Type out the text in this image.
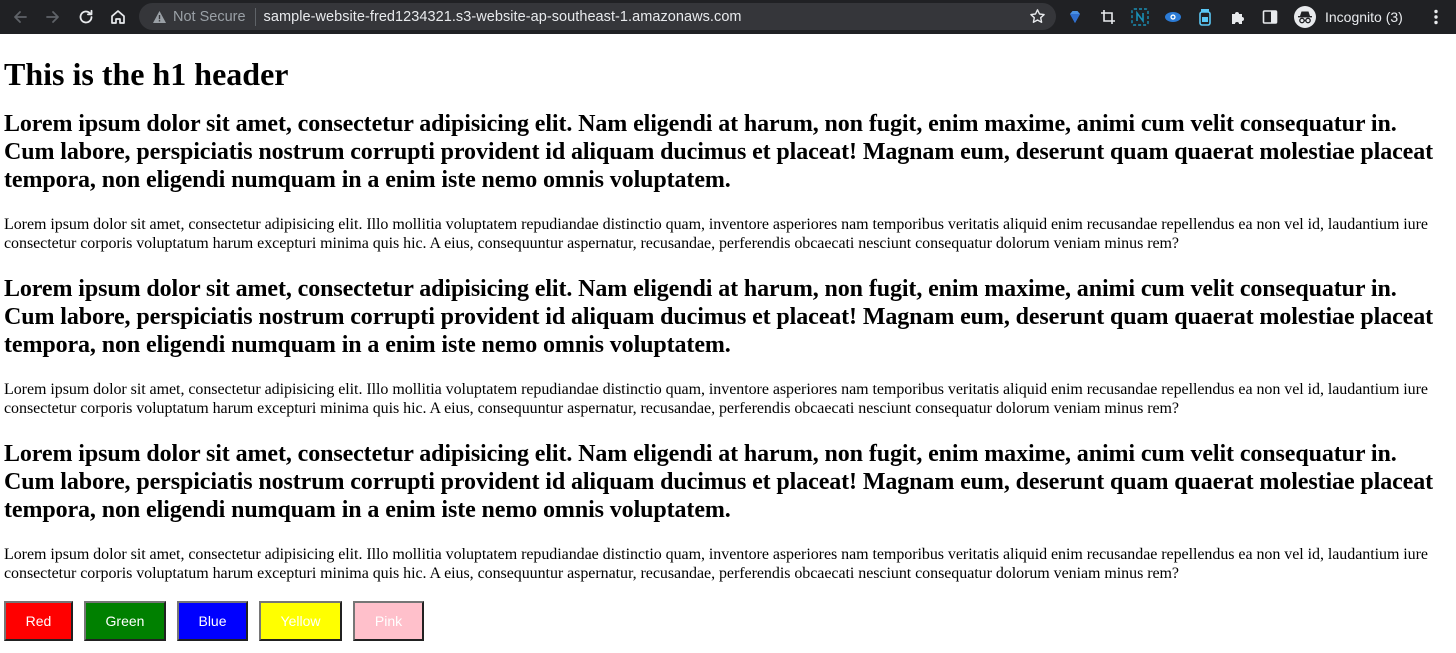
Not Secure sample-website-fred1234321.s3-website-ap-southeast-1.amazonaws.com	Incognito (3)
This is the h1 header
Lorem ipsum dolor sit amet, consectetur adipisicing elit. Nam eligendi at harum, non fugit, enim maxime, animi cum velit consequatur in. Cum labore, perspiciatis nostrum corrupti provident id aliquam ducimus et placeat! Magnam eum, deserunt quam quaerat molestiae placeat tempora, non eligendi numquam in a enim iste nemo omnis voluptatem.

Lorem ipsum dolor sit amet, consectetur adipisicing elit. Illo mollitia voluptatem repudiandae distinctio quam, inventore asperiores nam temporibus veritatis aliquid enim recusandae repellendus ea non vel id, laudantium iure consectetur corporis voluptatum harum excepturi minima quis hic. A eius, consequuntur aspernatur, recusandae, perferendis obcaecati nesciunt consequatur dolorum veniam minus rem?

Lorem ipsum dolor sit amet, consectetur adipisicing elit. Nam eligendi at harum, non fugit, enim maxime, animi cum velit consequatur in. Cum labore, perspiciatis nostrum corrupti provident id aliquam ducimus et placeat! Magnam eum, deserunt quam quaerat molestiae placeat tempora, non eligendi numquam in a enim iste nemo omnis voluptatem.

Lorem ipsum dolor sit amet, consectetur adipisicing elit. Illo mollitia voluptatem repudiandae distinctio quam, inventore asperiores nam temporibus veritatis aliquid enim recusandae repellendus ea non vel id, laudantium iure consectetur corporis voluptatum harum excepturi minima quis hic. A eius, consequuntur aspernatur, recusandae, perferendis obcaecati nesciunt consequatur dolorum veniam minus rem?

Lorem ipsum dolor sit amet, consectetur adipisicing elit. Nam eligendi at harum, non fugit, enim maxime, animi cum velit consequatur in. Cum labore, perspiciatis nostrum corrupti provident id aliquam ducimus et placeat! Magnam eum, deserunt quam quaerat molestiae placeat tempora, non eligendi numquam in a enim iste nemo omnis voluptatem.

Lorem ipsum dolor sit amet, consectetur adipisicing elit. Illo mollitia voluptatem repudiandae distinctio quam, inventore asperiores nam temporibus veritatis aliquid enim recusandae repellendus ea non vel id, laudantium iure consectetur corporis voluptatum harum excepturi minima quis hic. A eius, consequuntur aspernatur, recusandae, perferendis obcaecati nesciunt consequatur dolorum veniam minus rem?

Red	Green	Blue	Yellow	Pink
